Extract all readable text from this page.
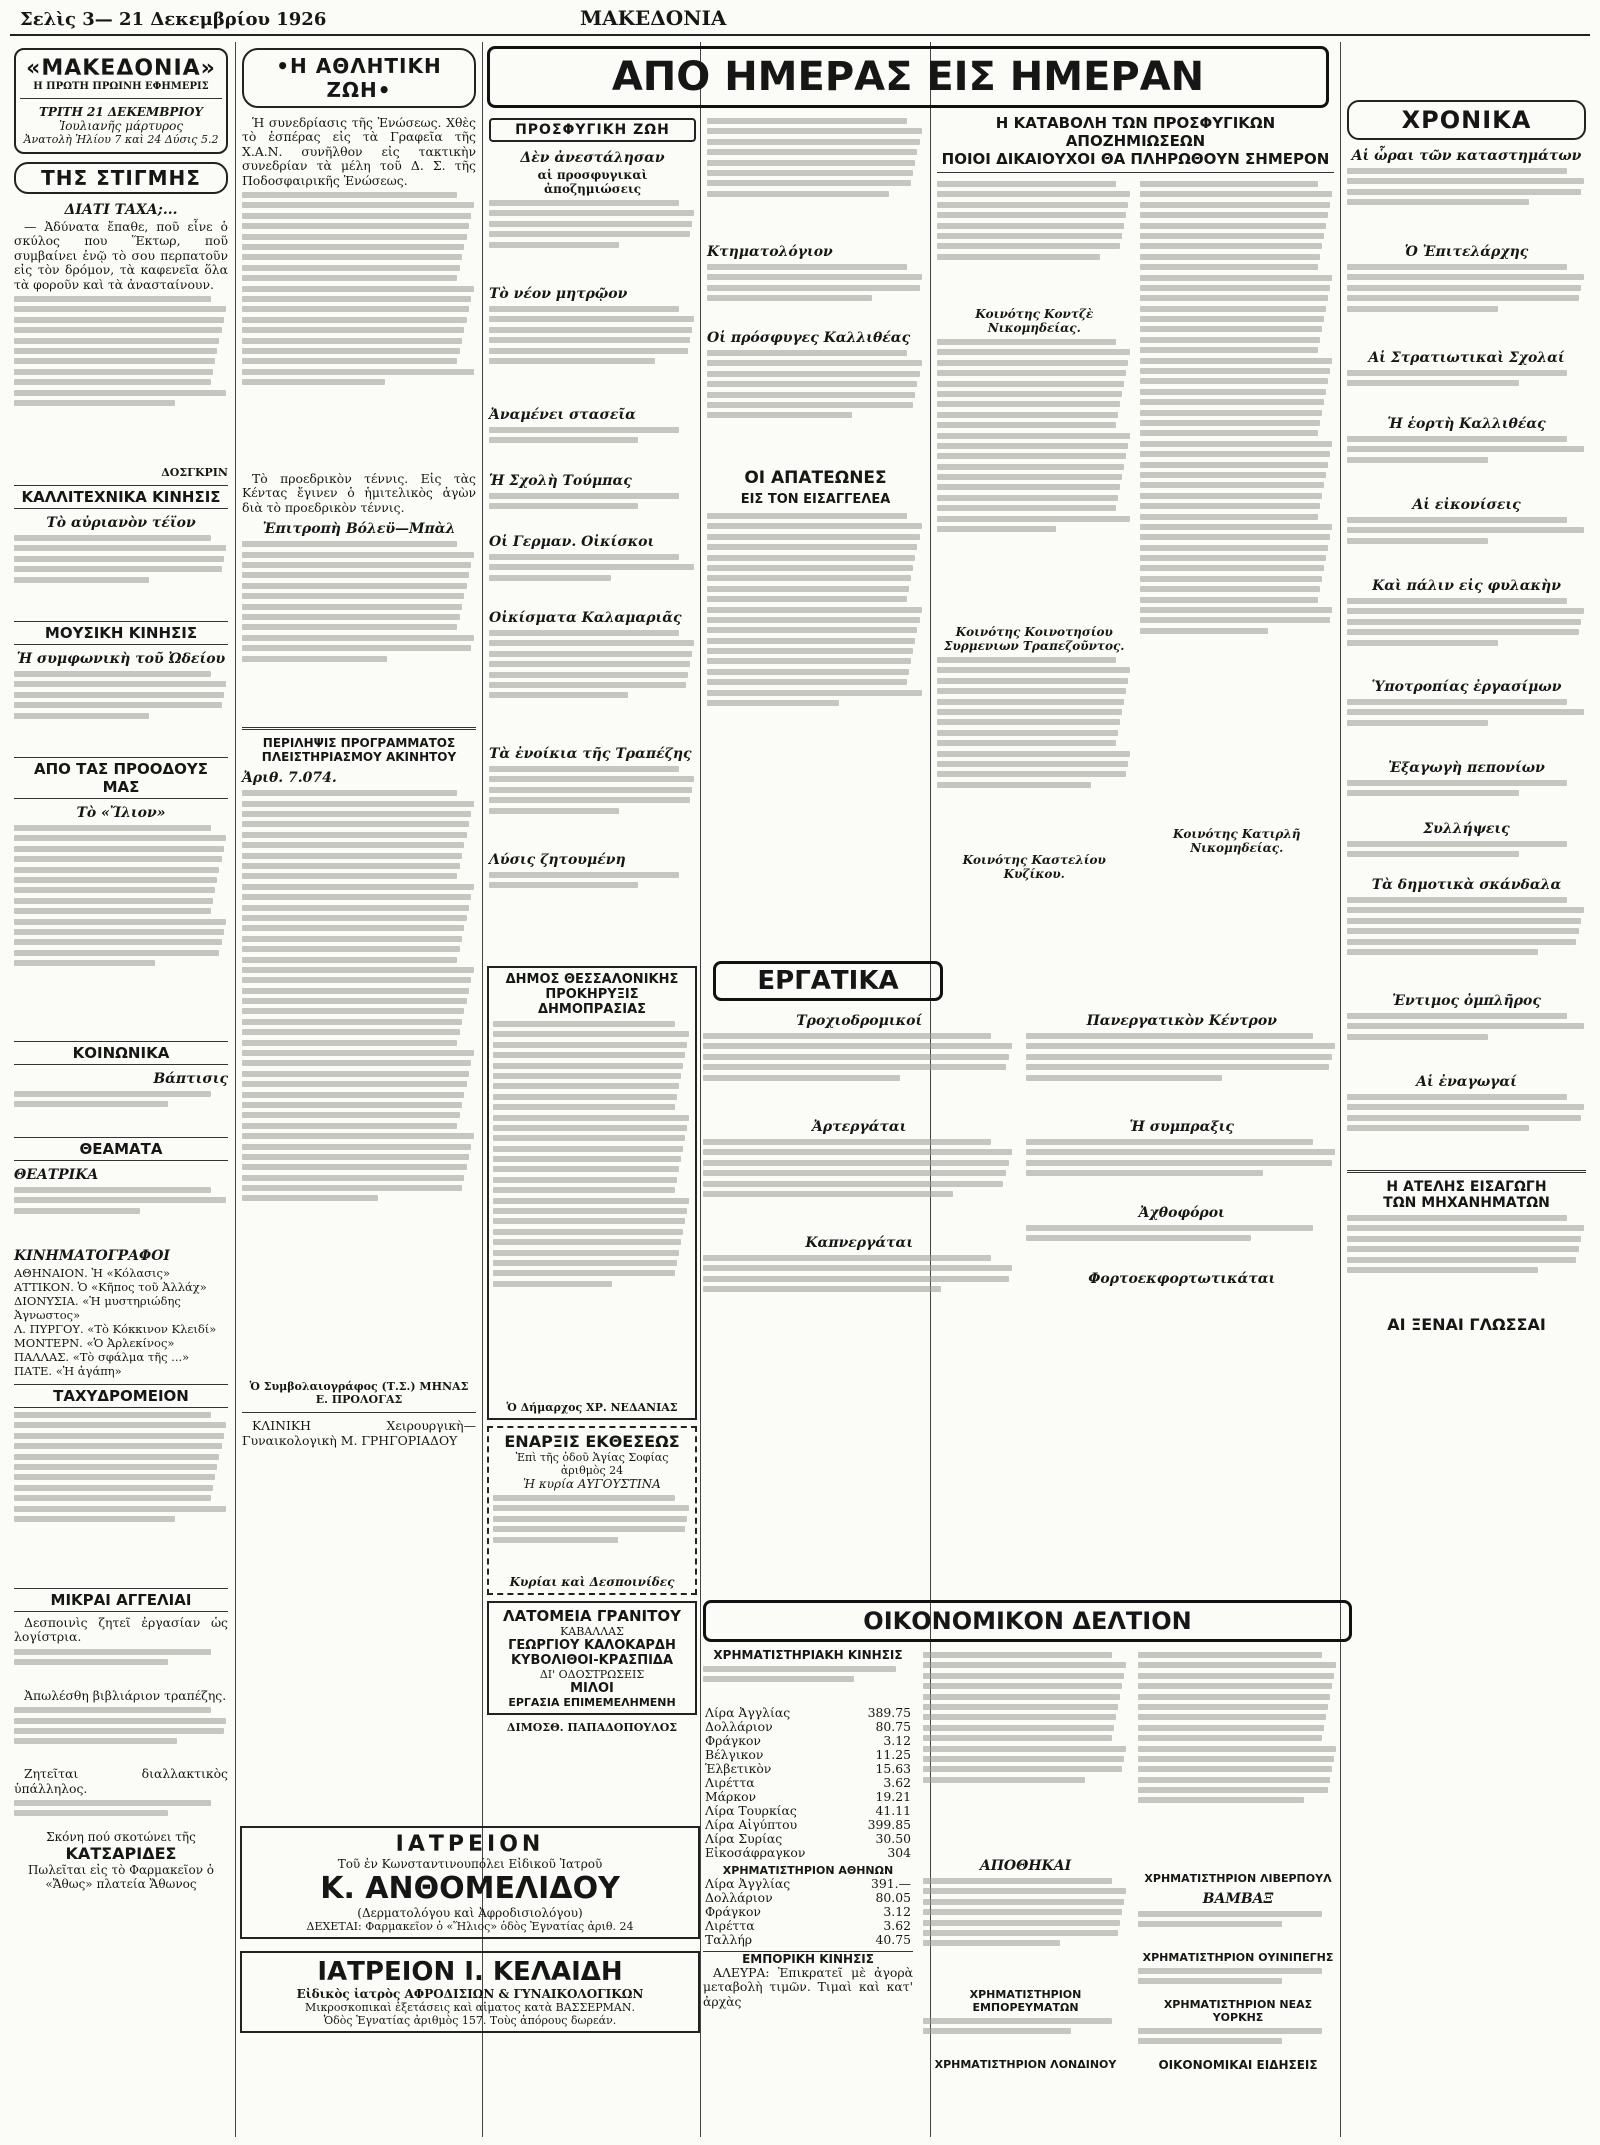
Σελὶς 3— 21 Δεκεμβρίου 1926	ΜΑΚΕΔΟΝΙΑ
«ΜΑΚΕΔΟΝΙΑ»
Η ΠΡΩΤΗ ΠΡΩΙΝΗ ΕΦΗΜΕΡΙΣ
ΤΡΙΤΗ 21 ΔΕΚΕΜΒΡΙΟΥ
Ἰουλιανῆς μάρτυρος
Ἀνατολὴ Ἡλίου 7 καὶ 24 Δύσις 5.2
ΤΗΣ ΣΤΙΓΜΗΣ
ΔΙΑΤΙ ΤΑΧΑ;...

— Ἀδύνατα ἔπαθε, ποῦ εἶνε ὁ σκύλος που Ἕκτωρ, ποῦ συμβαίνει ἐνῷ τὸ σου περπατοῦν εἰς τὸν δρόμον, τὰ καφενεῖα ὅλα τὰ φοροῦν καὶ τὰ ἀνασταίνουν.

ΔΟΣΓΚΡΙΝ
ΚΑΛΛΙΤΕΧΝΙΚΑ ΚΙΝΗΣΙΣ
Τὸ αὐριανὸν τέϊον
ΜΟΥΣΙΚΗ ΚΙΝΗΣΙΣ
Ἡ συμφωνικὴ τοῦ Ὠδείου
ΑΠΟ ΤΑΣ ΠΡΟΟΔΟΥΣ ΜΑΣ
Τὸ «Ἴλιον»
ΚΟΙΝΩΝΙΚΑ
Βάπτισις
ΘΕΑΜΑΤΑ
ΘΕΑΤΡΙΚΑ
ΚΙΝΗΜΑΤΟΓΡΑΦΟΙ
ΑΘΗΝΑΙΟΝ. Ἡ «Κόλασις»
ΑΤΤΙΚΟΝ. Ὁ «Κῆπος τοῦ Ἀλλάχ»
ΔΙΟΝΥΣΙΑ. «Ἡ μυστηριώδης Ἀγνωστος»
Λ. ΠΥΡΓΟΥ. «Τὸ Κόκκινον Κλειδί»
ΜΟΝΤΕΡΝ. «Ὁ Ἀρλεκίνος»
ΠΑΛΛΑΣ. «Τὸ σφάλμα τῆς ...»
ΠΑΤΕ. «Ἡ ἀγάπη»
ΤΑΧΥΔΡΟΜΕΙΟΝ
ΜΙΚΡΑΙ ΑΓΓΕΛΙΑΙ

Δεσποινὶς ζητεῖ ἐργασίαν ὡς λογίστρια.

Ἀπωλέσθη βιβλιάριον τραπέζης.

Ζητεῖται διαλλακτικὸς ὑπάλληλος.

Σκόνη πού σκοτώνει τῆς
ΚΑΤΣΑΡΙΔΕΣ
Πωλεῖται εἰς τὸ Φαρμακεῖον ὁ «Ἄθως» πλατεία Ἄθωνος
•Η ΑΘΛΗΤΙΚΗ ΖΩΗ•

Ἡ συνεδρίασις τῆς Ἑνώσεως. Χθὲς τὸ ἑσπέρας εἰς τὰ Γραφεῖα τῆς Χ.Α.Ν. συνῆλθον εἰς τακτικὴν συνεδρίαν τὰ μέλη τοῦ Δ. Σ. τῆς Ποδοσφαιρικῆς Ἑνώσεως.

Τὸ προεδρικὸν τέννις. Εἰς τὰς Κέντας ἔγινεν ὁ ἡμιτελικὸς ἀγὼν διὰ τὸ προεδρικὸν τέννις.

Ἐπιτροπὴ Βόλεϋ—Μπὰλ
ΠΕΡΙΛΗΨΙΣ ΠΡΟΓΡΑΜΜΑΤΟΣ ΠΛΕΙΣΤΗΡΙΑΣΜΟΥ ΑΚΙΝΗΤΟΥ
Ἀριθ. 7.074.
Ὁ Συμβολαιογράφος (Τ.Σ.) ΜΗΝΑΣ Ε. ΠΡΟΛΟΓΑΣ

ΚΛΙΝΙΚΗ Χειρουργικὴ—Γυναικολογικὴ Μ. ΓΡΗΓΟΡΙΑΔΟΥ

ΙΑΤΡΕΙΟΝ
Τοῦ ἐν Κωνσταντινουπόλει Εἰδικοῦ Ἰατροῦ
Κ. ΑΝΘΟΜΕΛΙΔΟΥ
(Δερματολόγου καὶ Ἀφροδισιολόγου)
ΔΕΧΕΤΑΙ: Φαρμακεῖον ὁ «Ἥλιος» ὁδὸς Ἐγνατίας ἀριθ. 24
ΙΑΤΡΕΙΟΝ Ι. ΚΕΛΑΙΔΗ
Εἰδικὸς ἰατρὸς ΑΦΡΟΔΙΣΙΩΝ & ΓΥΝΑΙΚΟΛΟΓΙΚΩΝ
Μικροσκοπικαὶ ἐξετάσεις καὶ αἱματος κατὰ ΒΑΣΣΕΡΜΑΝ.
Ὁδὸς Ἐγνατίας ἀριθμὸς 157. Τοὺς ἀπόρους δωρεάν.
ΔΗΜΟΣ ΘΕΣΣΑΛΟΝΙΚΗΣ ΠΡΟΚΗΡΥΞΙΣ ΔΗΜΟΠΡΑΣΙΑΣ
Ὁ Δήμαρχος ΧΡ. ΝΕΔΑΝΙΑΣ
ΕΝΑΡΞΙΣ ΕΚΘΕΣΕΩΣ
Ἐπὶ τῆς ὁδοῦ Ἁγίας Σοφίας ἀριθμὸς 24
Ἡ κυρία ΑΥΓΟΥΣΤΙΝΑ
Κυρίαι καὶ Δεσποινίδες
ΛΑΤΟΜΕΙΑ ΓΡΑΝΙΤΟΥ
ΚΑΒΑΛΛΑΣ
ΓΕΩΡΓΙΟΥ ΚΑΛΟΚΑΡΔΗ
ΚΥΒΟΛΙΘΟΙ-ΚΡΑΣΠΙΔΑ
ΔΙ' ΟΔΟΣΤΡΩΣΕΙΣ
ΜΙΛΟΙ
ΕΡΓΑΣΙΑ ΕΠΙΜΕΜΕΛΗΜΕΝΗ
ΔΙΜΟΣΘ. ΠΑΠΑΔΟΠΟΥΛΟΣ
ΑΠΟ ΗΜΕΡΑΣ ΕΙΣ ΗΜΕΡΑΝ
ΠΡΟΣΦΥΓΙΚΗ ΖΩΗ
Δὲν ἀνεστάλησαν
αἱ προσφυγικαὶ ἀποζημιώσεις
Τὸ νέον μητρῷον
Ἀναμένει στασεῖα
Ἡ Σχολὴ Τούμπας
Οἱ Γερμαν. Οἰκίσκοι
Οἰκίσματα Καλαμαριᾶς
Τὰ ἐνοίκια τῆς Τραπέζης
Λύσις ζητουμένη
Κτηματολόγιον
Οἱ πρόσφυγες Καλλιθέας
ΟΙ ΑΠΑΤΕΩΝΕΣ
ΕΙΣ ΤΟΝ ΕΙΣΑΓΓΕΛΕΑ
Η ΚΑΤΑΒΟΛΗ ΤΩΝ ΠΡΟΣΦΥΓΙΚΩΝ ΑΠΟΖΗΜΙΩΣΕΩΝ
ΠΟΙΟΙ ΔΙΚΑΙΟΥΧΟΙ ΘΑ ΠΛΗΡΩΘΟΥΝ ΣΗΜΕΡΟΝ
Κοινότης Κοντζὲ Νικομηδείας.
Κοινότης Κοινοτησίου Συρμενιων Τραπεζοῦντος.
Κοινότης Καστελίου Κυζίκου.
Κοινότης Κατιρλῆ Νικομηδείας.
ΕΡΓΑΤΙΚΑ
Τροχιοδρομικοί
Ἀρτεργάται
Καπνεργάται
Πανεργατικὸν Κέντρον
Ἡ συμπραξις
Ἀχθοφόροι
Φορτοεκφορτωτικάται
ΟΙΚΟΝΟΜΙΚΟΝ ΔΕΛΤΙΟΝ
ΧΡΗΜΑΤΙΣΤΗΡΙΑΚΗ ΚΙΝΗΣΙΣ
Λίρα Ἀγγλίας	389.75
Δολλάριον	80.75
Φράγκον	3.12
Βέλγικον	11.25
Ἑλβετικὸν	15.63
Λιρέττα	3.62
Μάρκον	19.21
Λίρα Τουρκίας	41.11
Λίρα Αἰγύπτου	399.85
Λίρα Συρίας	30.50
Εἰκοσάφραγκον	304
ΧΡΗΜΑΤΙΣΤΗΡΙΟΝ ΑΘΗΝΩΝ
Λίρα Ἀγγλίας	391.—
Δολλάριον	80.05
Φράγκον	3.12
Λιρέττα	3.62
Ταλλήρ	40.75
ΕΜΠΟΡΙΚΗ ΚΙΝΗΣΙΣ

ΑΛΕΥΡΑ: Ἐπικρατεῖ μὲ ἀγορὰ μεταβολὴ τιμῶν. Τιμαὶ καὶ κατ' ἀρχὰς

ΑΠΟΘΗΚΑΙ
ΧΡΗΜΑΤΙΣΤΗΡΙΟΝ ΕΜΠΟΡΕΥΜΑΤΩΝ
ΧΡΗΜΑΤΙΣΤΗΡΙΟΝ ΛΟΝΔΙΝΟΥ
ΧΡΗΜΑΤΙΣΤΗΡΙΟΝ ΛΙΒΕΡΠΟΥΛ
ΒΑΜΒΑΞ
ΧΡΗΜΑΤΙΣΤΗΡΙΟΝ ΟΥΙΝΙΠΕΓΗΣ
ΧΡΗΜΑΤΙΣΤΗΡΙΟΝ ΝΕΑΣ ΥΟΡΚΗΣ
ΟΙΚΟΝΟΜΙΚΑΙ ΕΙΔΗΣΕΙΣ
ΧΡΟΝΙΚΑ
Αἱ ὧραι τῶν καταστημάτων
Ὁ Ἐπιτελάρχης
Αἱ Στρατιωτικαὶ Σχολαί
Ἡ ἑορτὴ Καλλιθέας
Αἱ εἰκονίσεις
Καὶ πάλιν εἰς φυλακὴν
Ὑποτροπίας ἐργασίμων
Ἐξαγωγὴ πεπονίων
Συλλήψεις
Τὰ δημοτικὰ σκάνδαλα
Ἐντιμος ὀμπλῆρος
Αἱ ἐναγωγαί
Η ΑΤΕΛΗΣ ΕΙΣΑΓΩΓΗ
ΤΩΝ ΜΗΧΑΝΗΜΑΤΩΝ
ΑΙ ΞΕΝΑΙ ΓΛΩΣΣΑΙ
